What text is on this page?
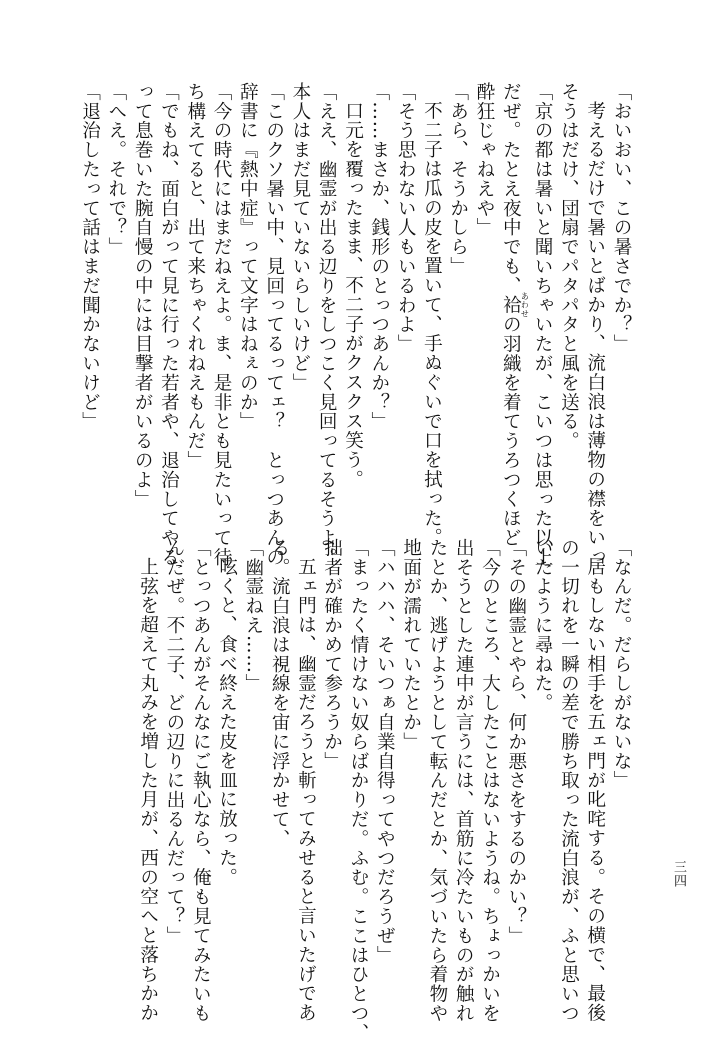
「おいおい、この暑さでか？」
考えるだけで暑いとばかり、流白浪は薄物の襟をいっ
そうはだけ、団扇でパタパタと風を送る。
「京の都は暑いと聞いちゃいたが、こいつは思った以上
だぜ。たとえ夜中でも、袷 あわせの羽織を着てうろつくほど
酔狂じゃねえや」
「あら、そうかしら」
不二子は瓜の皮を置いて、手ぬぐいで口を拭った。
「そう思わない人もいるわよ」
「……まさか、銭形のとっつあんか？」
口元を覆ったまま、不二子がクスクス笑う。
「ええ、幽霊が出る辺りをしつこく見回ってるそうよ。
本人はまだ見ていないらしいけど」
「このクソ暑い中、見回ってるってェ？　とっつあんの
辞書に『熱中症』って文字はねぇのか」
「今の時代にはまだねえよ。ま、是非とも見たいって待
ち構えてると、出て来ちゃくれねえもんだ」
「でもね、面白がって見に行った若者や、退治してやる
って息巻いた腕自慢の中には目撃者がいるのよ」
「へえ。それで？」
「退治したって話はまだ聞かないけど」
「なんだ。だらしがないな」
居もしない相手を五ェ門が叱咤する。その横で、最後
の一切れを一瞬の差で勝ち取った流白浪が、ふと思いつ
いたように尋ねた。
「その幽霊とやら、何か悪さをするのかい？」
「今のところ、大したことはないようね。ちょっかいを
出そうとした連中が言うには、首筋に冷たいものが触れ
たとか、逃げようとして転んだとか、気づいたら着物や
地面が濡れていたとか」
「ハハハ、そいつぁ自業自得ってやつだろうぜ」
「まったく情けない奴らばかりだ。ふむ。ここはひとつ、
拙者が確かめて参ろうか」
五ェ門は、幽霊だろうと斬ってみせると言いたげであ
る。流白浪は視線を宙に浮かせて、
「幽霊ねえ……」
呟くと、食べ終えた皮を皿に放った。
「とっつあんがそんなにご執心なら、俺も見てみたいも
んだぜ。不二子、どの辺りに出るんだって？」
上弦を超えて丸みを増した月が、西の空へと落ちかか	三四
